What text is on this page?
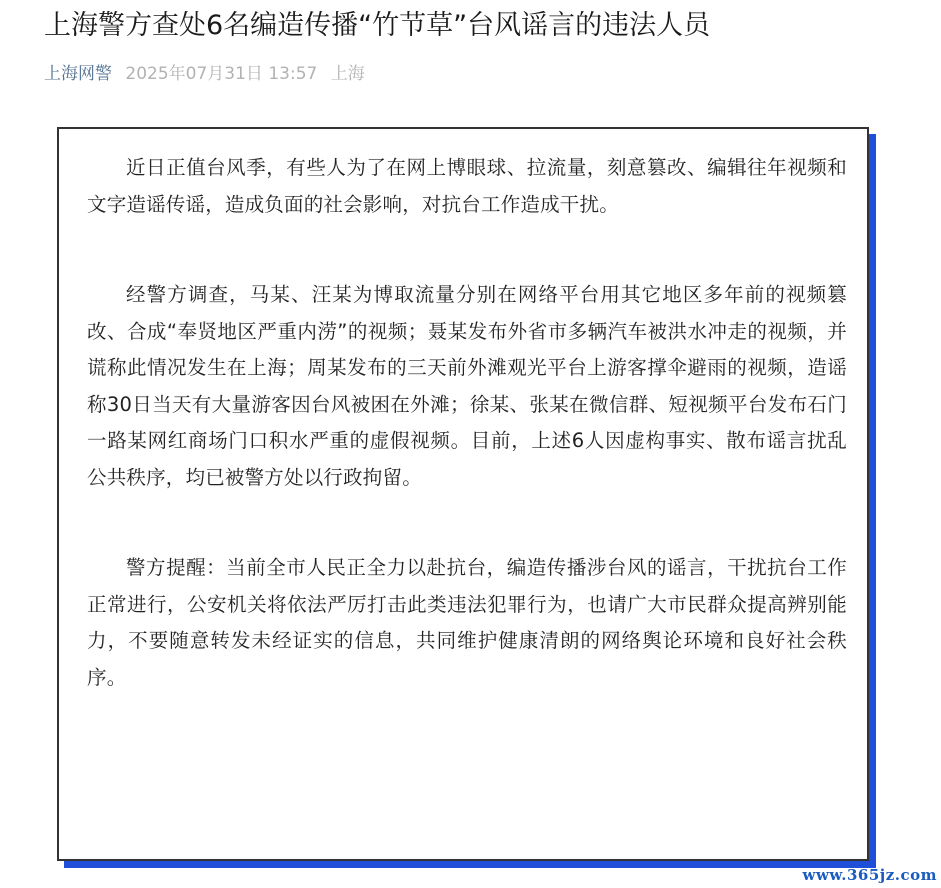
上海警方查处6名编造传播“竹节草”台风谣言的违法人员
上海网警 2025年07月31日 13:57 上海

近日正值台风季，有些人为了在网上博眼球、拉流量，刻意篡改、编辑往年视频和文字造谣传谣，造成负面的社会影响，对抗台工作造成干扰。

经警方调查，马某、汪某为博取流量分别在网络平台用其它地区多年前的视频篡改、合成“奉贤地区严重内涝”的视频；聂某发布外省市多辆汽车被洪水冲走的视频，并谎称此情况发生在上海；周某发布的三天前外滩观光平台上游客撑伞避雨的视频，造谣称30日当天有大量游客因台风被困在外滩；徐某、张某在微信群、短视频平台发布石门一路某网红商场门口积水严重的虚假视频。目前，上述6人因虚构事实、散布谣言扰乱公共秩序，均已被警方处以行政拘留。

警方提醒：当前全市人民正全力以赴抗台，编造传播涉台风的谣言，干扰抗台工作正常进行，公安机关将依法严厉打击此类违法犯罪行为，也请广大市民群众提高辨别能力，不要随意转发未经证实的信息，共同维护健康清朗的网络舆论环境和良好社会秩序。

www.365jz.com
